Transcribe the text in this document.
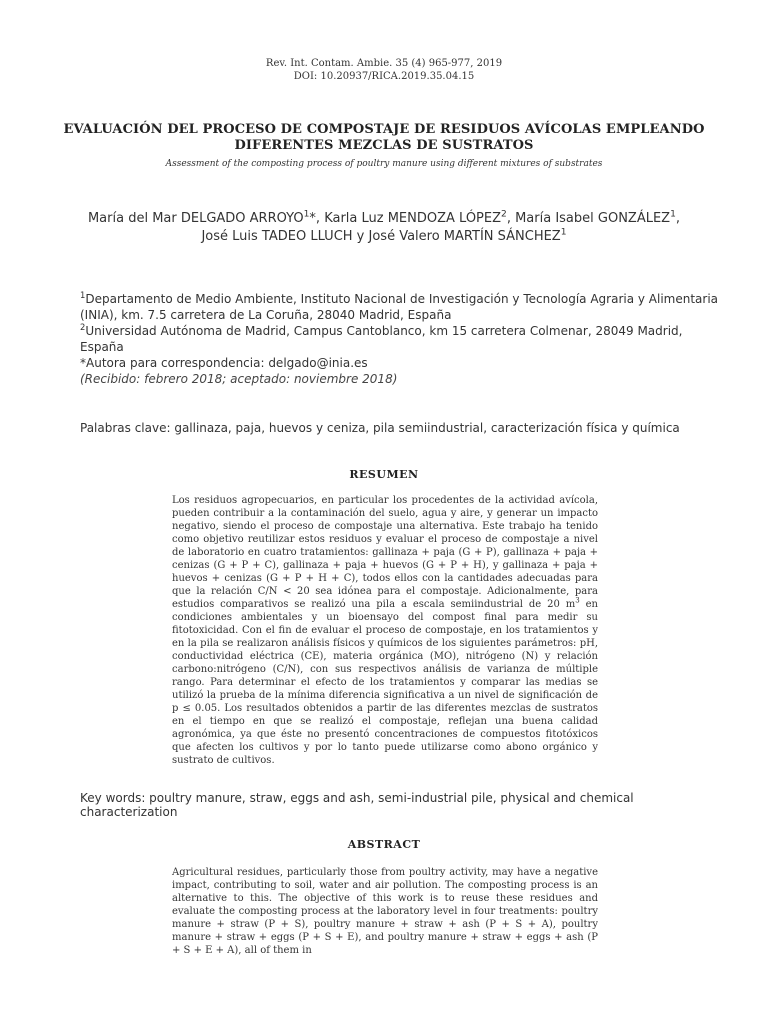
Rev. Int. Contam. Ambie. 35 (4) 965-977, 2019
DOI: 10.20937/RICA.2019.35.04.15
EVALUACIÓN DEL PROCESO DE COMPOSTAJE DE RESIDUOS AVÍCOLAS EMPLEANDO DIFERENTES MEZCLAS DE SUSTRATOS
Assessment of the composting process of poultry manure using different mixtures of substrates
María del Mar DELGADO ARROYO$^1$*, Karla Luz MENDOZA LÓPEZ$^2$, María Isabel GONZÁLEZ$^1$,
José Luis TADEO LLUCH y José Valero MARTÍN SÁNCHEZ$^1$
$^1$Departamento de Medio Ambiente, Instituto Nacional de Investigación y Tecnología Agraria y Alimentaria (INIA), km. 7.5 carretera de La Coruña, 28040 Madrid, España
$^2$Universidad Autónoma de Madrid, Campus Cantoblanco, km 15 carretera Colmenar, 28049 Madrid, España
*Autora para correspondencia: delgado@inia.es
(Recibido: febrero 2018; aceptado: noviembre 2018)
Palabras clave: gallinaza, paja, huevos y ceniza, pila semiindustrial, caracterización física y química
RESUMEN
Los residuos agropecuarios, en particular los procedentes de la actividad avícola, pueden contribuir a la contaminación del suelo, agua y aire, y generar un impacto negativo, siendo el proceso de compostaje una alternativa. Este trabajo ha tenido como objetivo reutilizar estos residuos y evaluar el proceso de compostaje a nivel de laboratorio en cuatro tratamientos: gallinaza + paja (G + P), gallinaza + paja + cenizas (G + P + C), gallinaza + paja + huevos (G + P + H), y gallinaza + paja + huevos + cenizas (G + P + H + C), todos ellos con la cantidades adecuadas para que la relación C/N < 20 sea idónea para el compostaje. Adicionalmente, para estudios comparativos se realizó una pila a escala semiindustrial de 20 $m^3$ en condiciones ambientales y un bioensayo del compost final para medir su fitotoxicidad. Con el fin de evaluar el proceso de compostaje, en los tratamientos y en la pila se realizaron análisis físicos y químicos de los siguientes parámetros: pH, conductividad eléctrica (CE), materia orgánica (MO), nitrógeno (N) y relación carbono:nitrógeno (C/N), con sus respectivos análisis de varianza de múltiple rango. Para determinar el efecto de los tratamientos y comparar las medias se utilizó la prueba de la mínima diferencia significativa a un nivel de significación de p ≤ 0.05. Los resultados obtenidos a partir de las diferentes mezclas de sustratos en el tiempo en que se realizó el compostaje, reflejan una buena calidad agronómica, ya que éste no presentó concentraciones de compuestos fitotóxicos que afecten los cultivos y por lo tanto puede utilizarse como abono orgánico y sustrato de cultivos.
Key words: poultry manure, straw, eggs and ash, semi-industrial pile, physical and chemical characterization
ABSTRACT
Agricultural residues, particularly those from poultry activity, may have a negative impact, contributing to soil, water and air pollution. The composting process is an alternative to this. The objective of this work is to reuse these residues and evaluate the composting process at the laboratory level in four treatments: poultry manure + straw (P + S), poultry manure + straw + ash (P + S + A), poultry manure + straw + eggs (P + S + E), and poultry manure + straw + eggs + ash (P + S + E + A), all of them in
